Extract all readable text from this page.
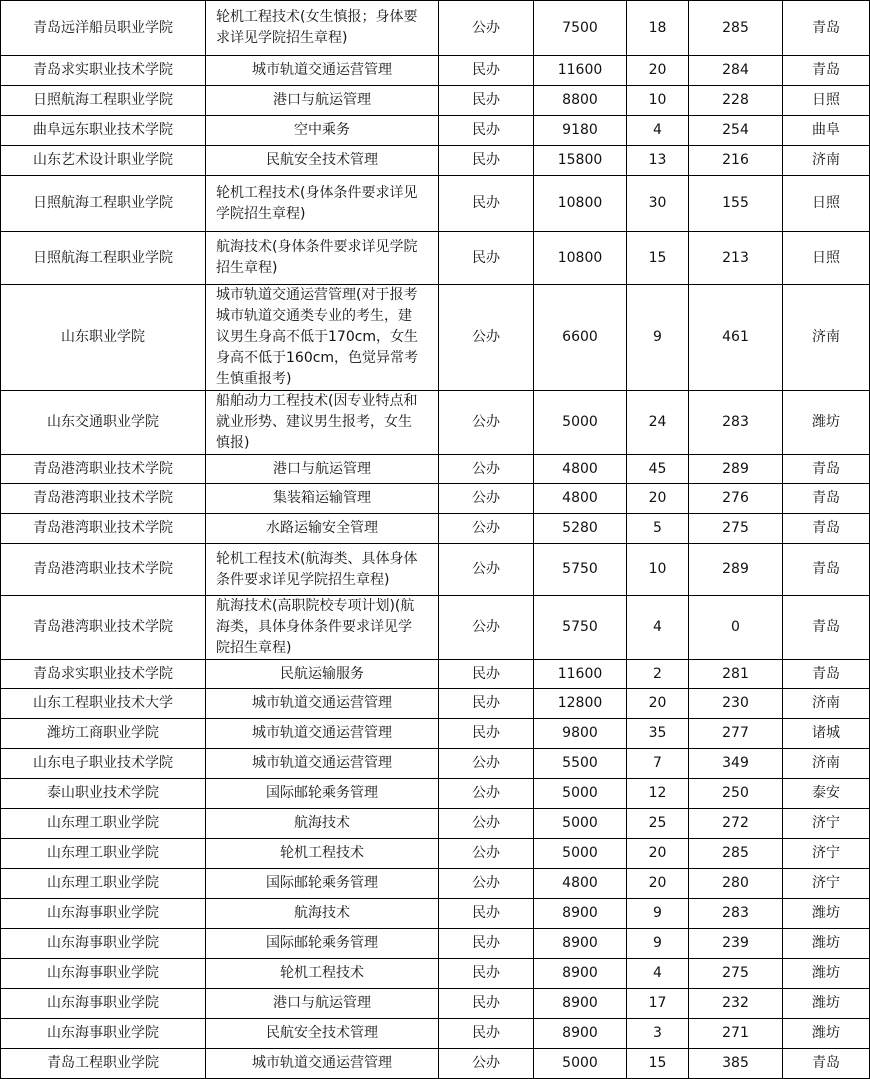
青岛远洋船员职业学院	轮机工程技术(女生慎报；身体要
求详见学院招生章程)	公办	7500	18	285	青岛
青岛求实职业技术学院	城市轨道交通运营管理	民办	11600	20	284	青岛
日照航海工程职业学院	港口与航运管理	民办	8800	10	228	日照
曲阜远东职业技术学院	空中乘务	民办	9180	4	254	曲阜
山东艺术设计职业学院	民航安全技术管理	民办	15800	13	216	济南
日照航海工程职业学院	轮机工程技术(身体条件要求详见
学院招生章程)	民办	10800	30	155	日照
日照航海工程职业学院	航海技术(身体条件要求详见学院
招生章程)	民办	10800	15	213	日照
山东职业学院	城市轨道交通运营管理(对于报考
城市轨道交通类专业的考生，建
议男生身高不低于170cm，女生
身高不低于160cm，色觉异常考
生慎重报考)	公办	6600	9	461	济南
山东交通职业学院	船舶动力工程技术(因专业特点和
就业形势、建议男生报考，女生
慎报)	公办	5000	24	283	潍坊
青岛港湾职业技术学院	港口与航运管理	公办	4800	45	289	青岛
青岛港湾职业技术学院	集装箱运输管理	公办	4800	20	276	青岛
青岛港湾职业技术学院	水路运输安全管理	公办	5280	5	275	青岛
青岛港湾职业技术学院	轮机工程技术(航海类、具体身体
条件要求详见学院招生章程)	公办	5750	10	289	青岛
青岛港湾职业技术学院	航海技术(高职院校专项计划)(航
海类，具体身体条件要求详见学
院招生章程)	公办	5750	4	0	青岛
青岛求实职业技术学院	民航运输服务	民办	11600	2	281	青岛
山东工程职业技术大学	城市轨道交通运营管理	民办	12800	20	230	济南
潍坊工商职业学院	城市轨道交通运营管理	民办	9800	35	277	诸城
山东电子职业技术学院	城市轨道交通运营管理	公办	5500	7	349	济南
泰山职业技术学院	国际邮轮乘务管理	公办	5000	12	250	泰安
山东理工职业学院	航海技术	公办	5000	25	272	济宁
山东理工职业学院	轮机工程技术	公办	5000	20	285	济宁
山东理工职业学院	国际邮轮乘务管理	公办	4800	20	280	济宁
山东海事职业学院	航海技术	民办	8900	9	283	潍坊
山东海事职业学院	国际邮轮乘务管理	民办	8900	9	239	潍坊
山东海事职业学院	轮机工程技术	民办	8900	4	275	潍坊
山东海事职业学院	港口与航运管理	民办	8900	17	232	潍坊
山东海事职业学院	民航安全技术管理	民办	8900	3	271	潍坊
青岛工程职业学院	城市轨道交通运营管理	公办	5000	15	385	青岛
